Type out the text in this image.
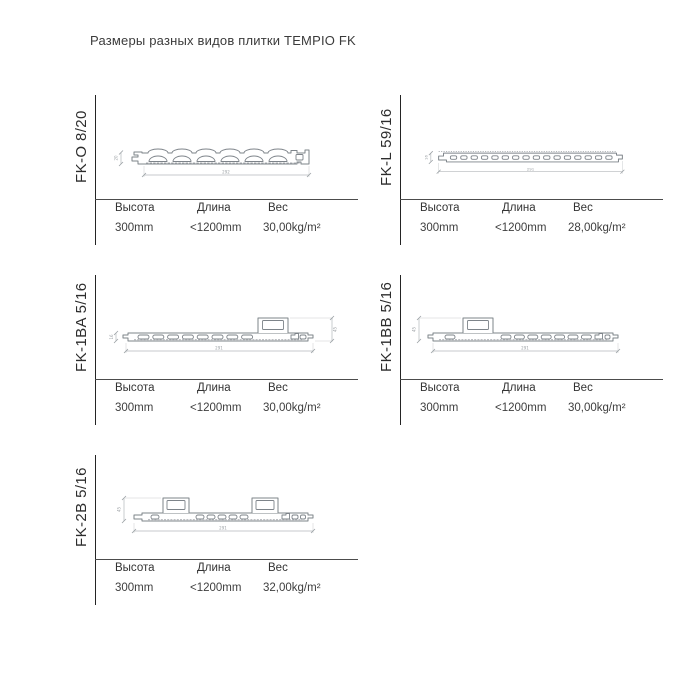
Размеры разных видов плитки TEMPIO FK
FK-O 8/20	20
292
Высота	Длина	Вес
300mm	<1200mm 30,00kg/m²
FK-L 59/16	16
291
Высота	Длина	Вес
300mm	<1200mm 28,00kg/m²
FK-1BA 5/16	16
45
291
Высота	Длина	Вес
300mm	<1200mm 30,00kg/m²
FK-1BB 5/16	45
291
Высота	Длина	Вес
300mm	<1200mm 30,00kg/m²
FK-2B 5/16	45
291
Высота	Длина	Вес
300mm	<1200mm 32,00kg/m²
